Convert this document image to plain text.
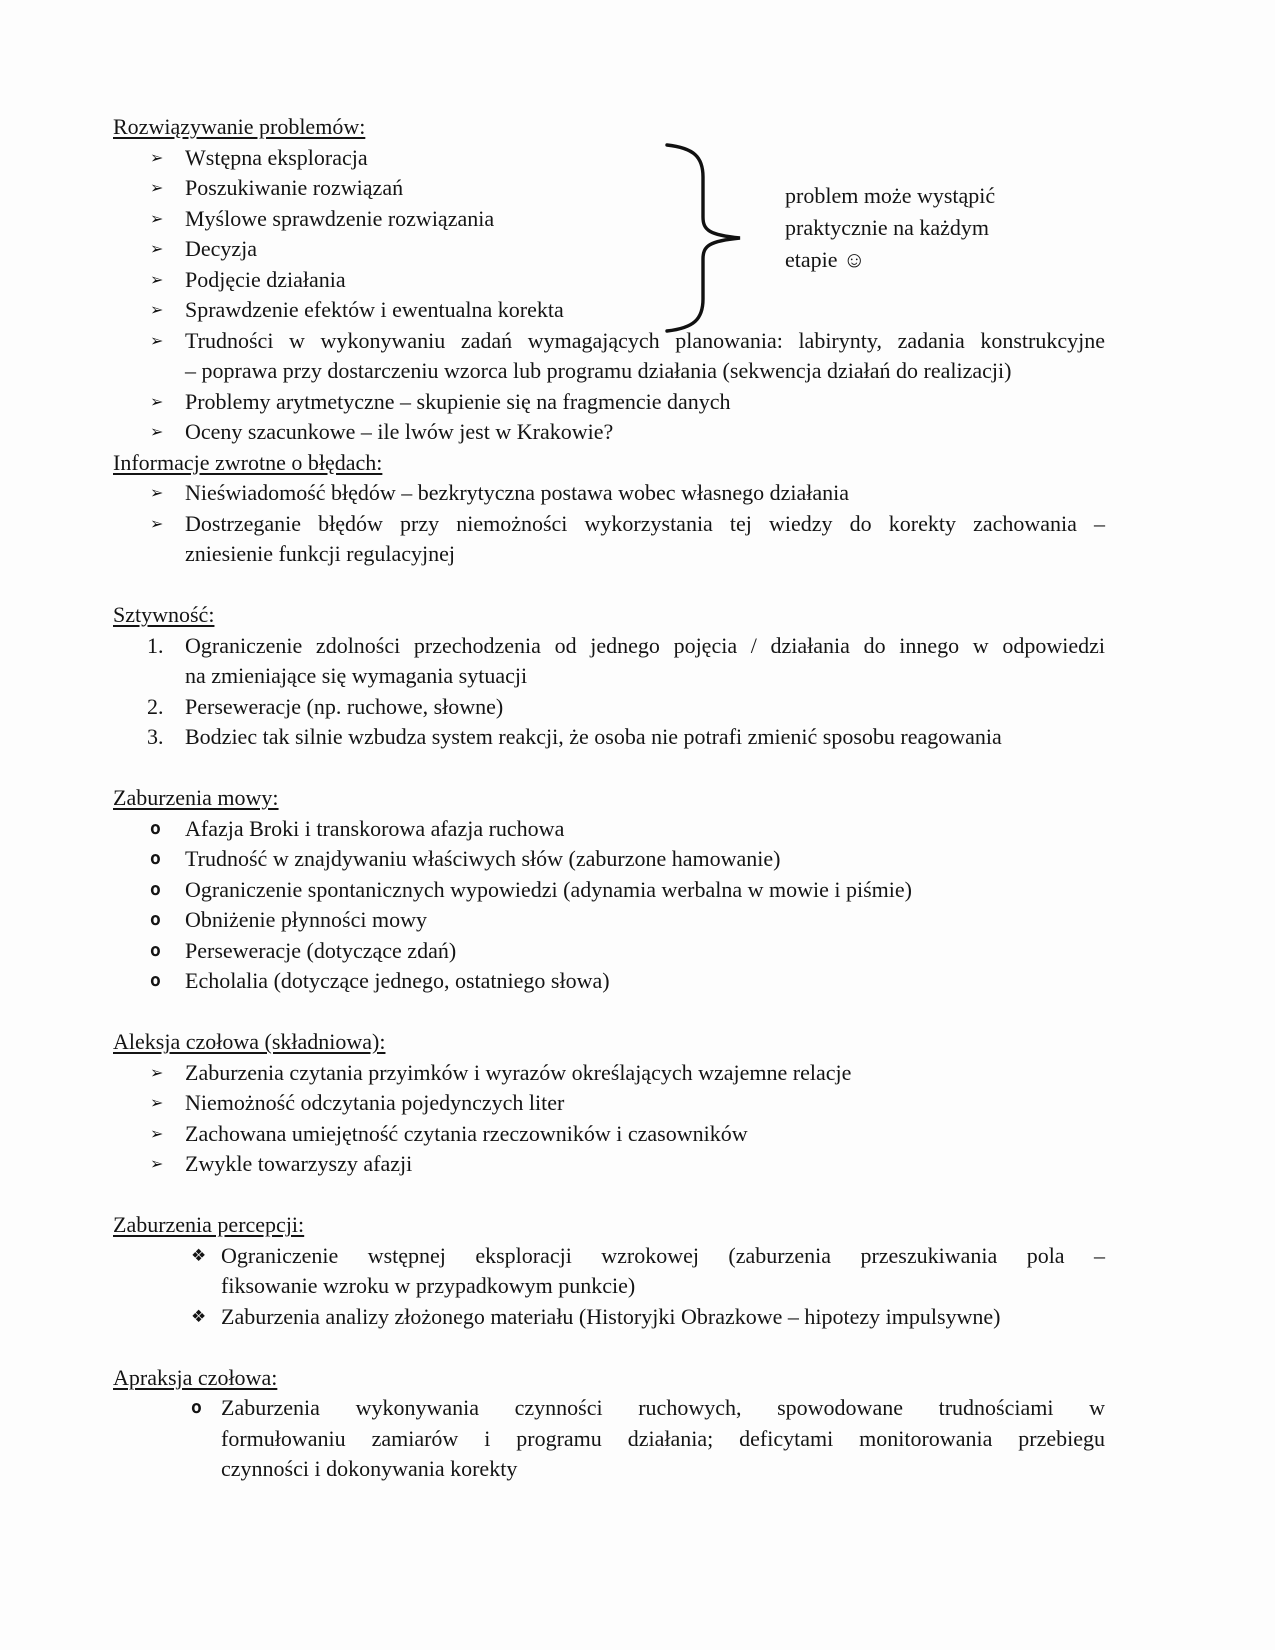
Rozwiązywanie problemów:
➢ Wstępna eksploracja
➢ Poszukiwanie rozwiązań
➢ Myślowe sprawdzenie rozwiązania
➢ Decyzja
➢ Podjęcie działania
➢ Sprawdzenie efektów i ewentualna korekta
➢ Trudności w wykonywaniu zadań wymagających planowania: labirynty, zadania konstrukcyjne
– poprawa przy dostarczeniu wzorca lub programu działania (sekwencja działań do realizacji)
➢ Problemy arytmetyczne – skupienie się na fragmencie danych
➢ Oceny szacunkowe – ile lwów jest w Krakowie?
Informacje zwrotne o błędach:
➢ Nieświadomość błędów – bezkrytyczna postawa wobec własnego działania
➢ Dostrzeganie błędów przy niemożności wykorzystania tej wiedzy do korekty zachowania –
zniesienie funkcji regulacyjnej
Sztywność:
1. Ograniczenie zdolności przechodzenia od jednego pojęcia / działania do innego w odpowiedzi
na zmieniające się wymagania sytuacji
2. Perseweracje (np. ruchowe, słowne)
3. Bodziec tak silnie wzbudza system reakcji, że osoba nie potrafi zmienić sposobu reagowania
Zaburzenia mowy:
o Afazja Broki i transkorowa afazja ruchowa
o Trudność w znajdywaniu właściwych słów (zaburzone hamowanie)
o Ograniczenie spontanicznych wypowiedzi (adynamia werbalna w mowie i piśmie)
o Obniżenie płynności mowy
o Perseweracje (dotyczące zdań)
o Echolalia (dotyczące jednego, ostatniego słowa)
Aleksja czołowa (składniowa):
➢ Zaburzenia czytania przyimków i wyrazów określających wzajemne relacje
➢ Niemożność odczytania pojedynczych liter
➢ Zachowana umiejętność czytania rzeczowników i czasowników
➢ Zwykle towarzyszy afazji
Zaburzenia percepcji:
❖ Ograniczenie wstępnej eksploracji wzrokowej (zaburzenia przeszukiwania pola –
fiksowanie wzroku w przypadkowym punkcie)
❖ Zaburzenia analizy złożonego materiału (Historyjki Obrazkowe – hipotezy impulsywne)
Apraksja czołowa:
o Zaburzenia wykonywania czynności ruchowych, spowodowane trudnościami w
formułowaniu zamiarów i programu działania; deficytami monitorowania przebiegu
czynności i dokonywania korekty
problem może wystąpić
praktycznie na każdym
etapie ☺
